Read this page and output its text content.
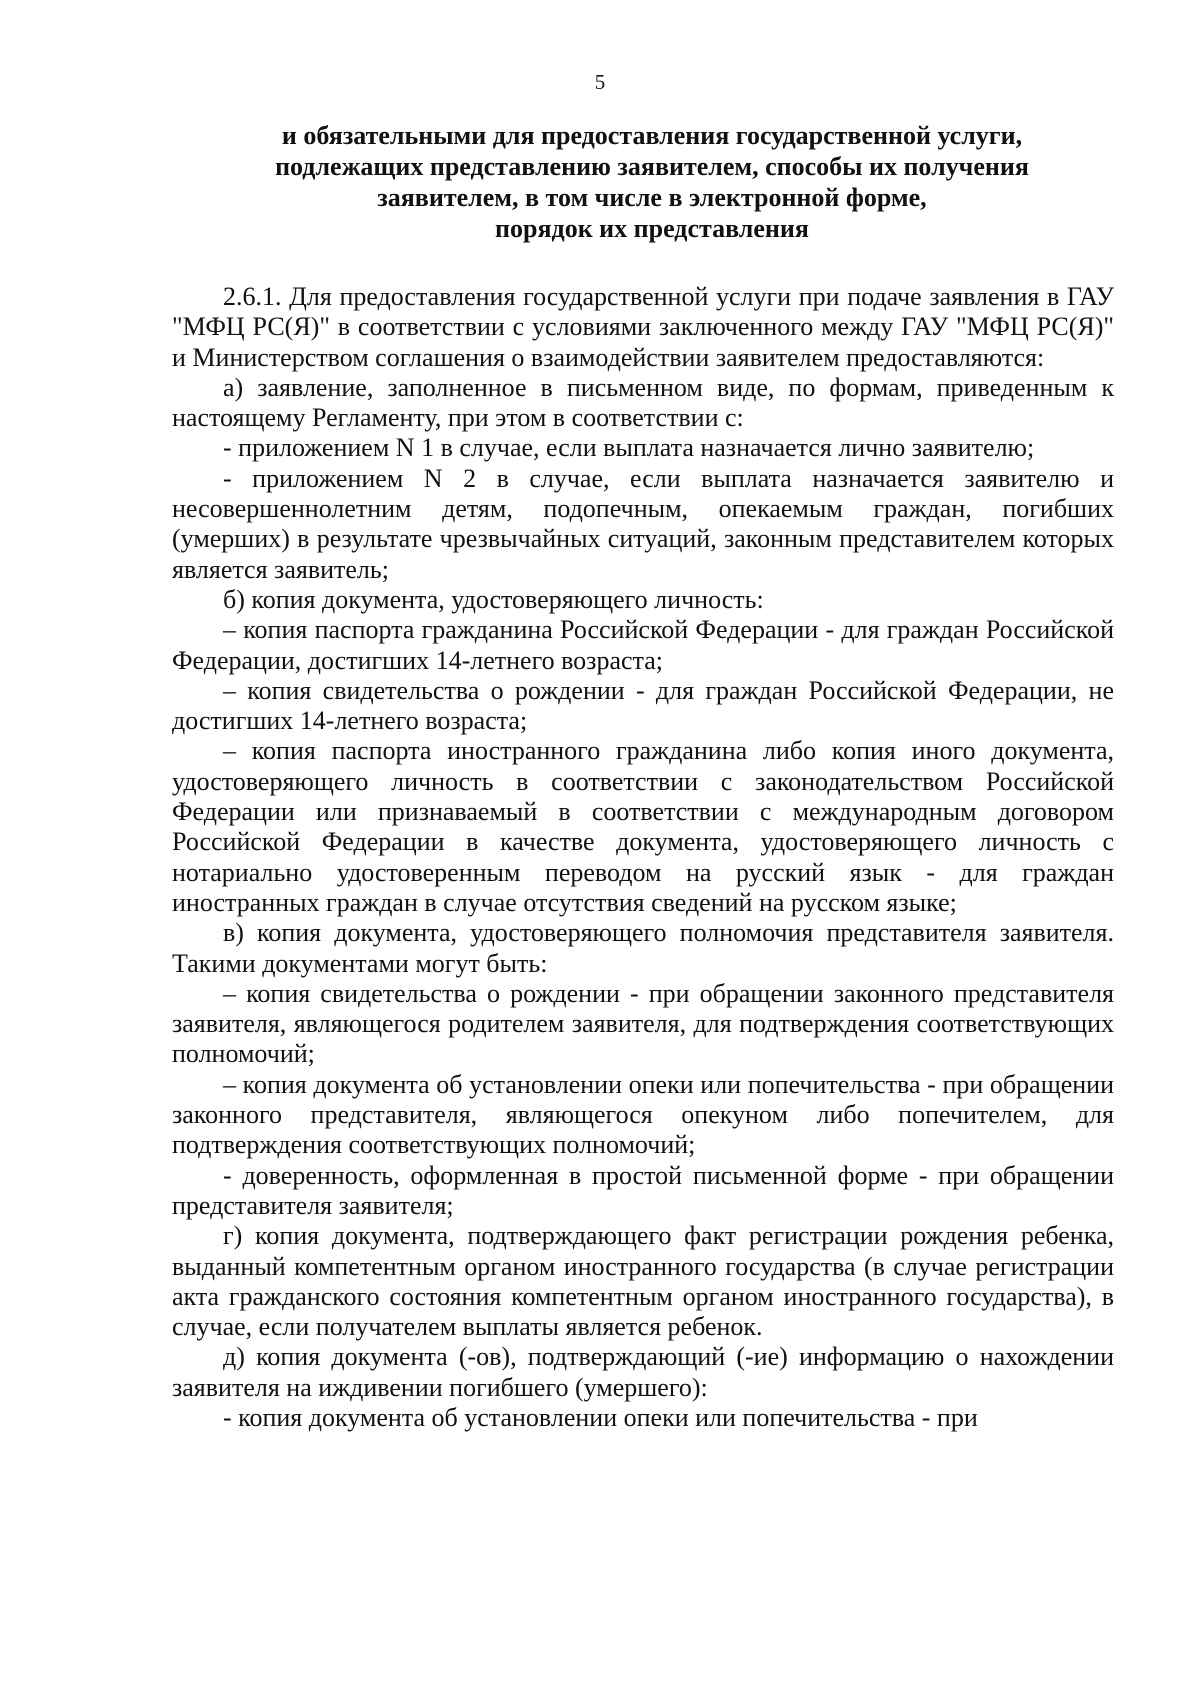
5
и обязательными для предоставления государственной услуги,
подлежащих представлению заявителем, способы их получения
заявителем, в том числе в электронной форме,
порядок их представления

2.6.1. Для предоставления государственной услуги при подаче заявления в ГАУ "МФЦ РС(Я)" в соответствии с условиями заключенного между ГАУ "МФЦ РС(Я)" и Министерством соглашения о взаимодействии заявителем предоставляются:

а) заявление, заполненное в письменном виде, по формам, приведенным к настоящему Регламенту, при этом в соответствии с:

- приложением N 1 в случае, если выплата назначается лично заявителю;

- приложением N 2 в случае, если выплата назначается заявителю и несовершеннолетним детям, подопечным, опекаемым граждан, погибших (умерших) в результате чрезвычайных ситуаций, законным представителем которых является заявитель;

б) копия документа, удостоверяющего личность:

– копия паспорта гражданина Российской Федерации - для граждан Российской Федерации, достигших 14-летнего возраста;

– копия свидетельства о рождении - для граждан Российской Федерации, не достигших 14-летнего возраста;

– копия паспорта иностранного гражданина либо копия иного документа, удостоверяющего личность в соответствии с законодательством Российской Федерации или признаваемый в соответствии с международным договором Российской Федерации в качестве документа, удостоверяющего личность с нотариально удостоверенным переводом на русский язык - для граждан иностранных граждан в случае отсутствия сведений на русском языке;

в) копия документа, удостоверяющего полномочия представителя заявителя. Такими документами могут быть:

– копия свидетельства о рождении - при обращении законного представителя заявителя, являющегося родителем заявителя, для подтверждения соответствующих полномочий;

– копия документа об установлении опеки или попечительства - при обращении законного представителя, являющегося опекуном либо попечителем, для подтверждения соответствующих полномочий;

- доверенность, оформленная в простой письменной форме - при обращении представителя заявителя;

г) копия документа, подтверждающего факт регистрации рождения ребенка, выданный компетентным органом иностранного государства (в случае регистрации акта гражданского состояния компетентным органом иностранного государства), в случае, если получателем выплаты является ребенок.

д) копия документа (-ов), подтверждающий (-ие) информацию о нахождении заявителя на иждивении погибшего (умершего):

- копия документа об установлении опеки или попечительства - при
